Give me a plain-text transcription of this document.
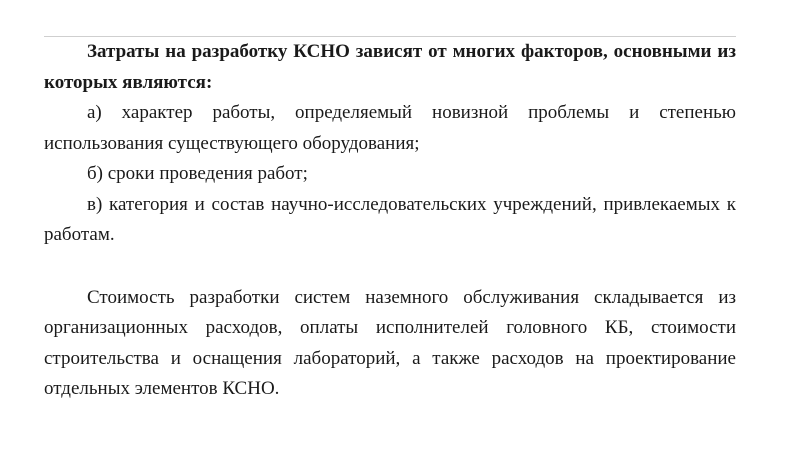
Затраты на разработку КСНО зависят от многих факторов, основными из которых являются:

а) характер работы, определяемый новизной проблемы и степенью использования существующего оборудования;

б) сроки проведения работ;

в) категория и состав научно-исследовательских учреждений, привлекаемых к работам.

Стоимость разработки систем наземного обслуживания складывается из организационных расходов, оплаты исполнителей головного КБ, стоимости строительства и оснащения лабораторий, а также расходов на проектирование отдельных элементов КСНО.
